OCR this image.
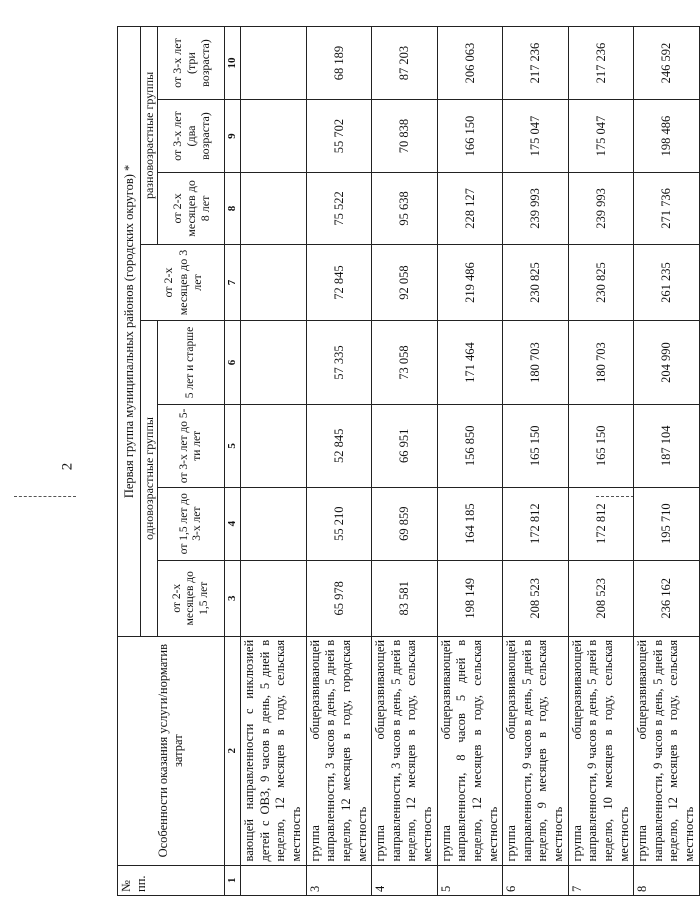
2
№ пп.	Особенности оказания услуги/норматив затрат	Первая группа муниципальных районов (городских округов) *							
		одновозрастные группы				от 2-х месяцев до 3 лет	разновозрастные группы		
							от 2-х месяцев до 8 лет	от 3-х лет (два возраста)	от 3-х лет (три возраста)
		от 2-х месяцев до 1,5 лет	от 1,5 лет до 3-х лет	от 3-х лет до 5-ти лет	5 лет и старше				
1	2	3	4	5	6	7	8	9	10
	вающей направленности с инклюзией детей с ОВЗ, 9 часов в день, 5 дней в неделю, 12 месяцев в году, сельская местность								
3	группа общеразвивающей направленности, 3 часов в день, 5 дней в неделю, 12 месяцев в году, городская местность	65 978	55 210	52 845	57 335	72 845	75 522	55 702	68 189
4	группа общеразвивающей направленности, 3 часов в день, 5 дней в неделю, 12 месяцев в году, сельская местность	83 581	69 859	66 951	73 058	92 058	95 638	70 838	87 203
5	группа общеразвивающей направленности, 8 часов 5 дней в неделю, 12 месяцев в году, сельская местность	198 149	164 185	156 850	171 464	219 486	228 127	166 150	206 063
6	группа общеразвивающей направленности, 9 часов в день, 5 дней в неделю, 9 месяцев в году, сельская местность	208 523	172 812	165 150	180 703	230 825	239 993	175 047	217 236
7	группа общеразвивающей направленности, 9 часов в день, 5 дней в неделю, 10 месяцев в году, сельская местность	208 523	172 812	165 150	180 703	230 825	239 993	175 047	217 236
8	группа общеразвивающей направленности, 9 часов в день, 5 дней в неделю, 12 месяцев в году, сельская местность	236 162	195 710	187 104	204 990	261 235	271 736	198 486	246 592
